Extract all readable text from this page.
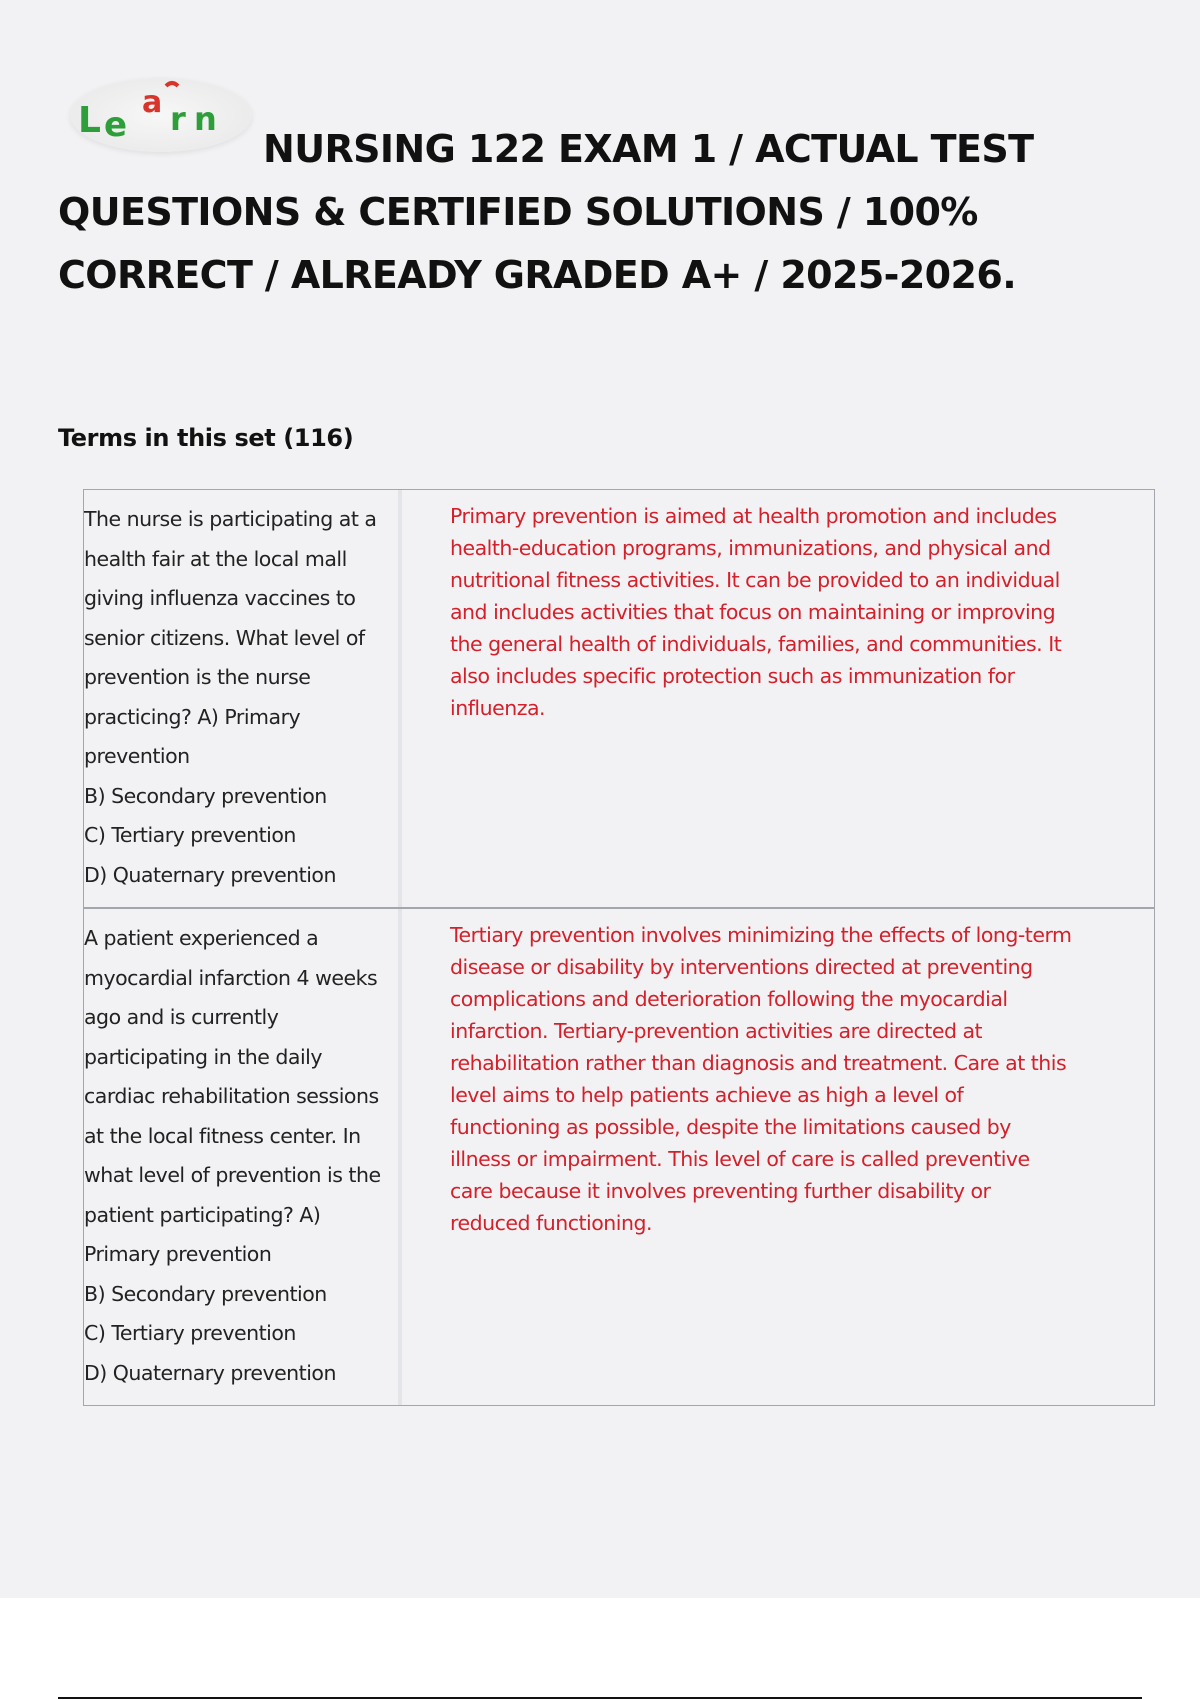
L e
a r n
NURSING 122 EXAM 1 / ACTUAL TEST QUESTIONS & CERTIFIED SOLUTIONS / 100% CORRECT / ALREADY GRADED A+ / 2025-2026.
Terms in this set (116)
The nurse is participating at a health fair at the local mall giving influenza vaccines to senior citizens. What level of prevention is the nurse practicing? A) Primary prevention
B) Secondary prevention
C) Tertiary prevention
D) Quaternary prevention
Primary prevention is aimed at health promotion and includes health-education programs, immunizations, and physical and nutritional fitness activities. It can be provided to an individual and includes activities that focus on maintaining or improving the general health of individuals, families, and communities. It also includes specific protection such as immunization for influenza.
A patient experienced a myocardial infarction 4 weeks ago and is currently participating in the daily cardiac rehabilitation sessions at the local fitness center. In what level of prevention is the patient participating? A) Primary prevention
B) Secondary prevention
C) Tertiary prevention
D) Quaternary prevention
Tertiary prevention involves minimizing the effects of long-term disease or disability by interventions directed at preventing complications and deterioration following the myocardial infarction. Tertiary-prevention activities are directed at rehabilitation rather than diagnosis and treatment. Care at this level aims to help patients achieve as high a level of functioning as possible, despite the limitations caused by illness or impairment. This level of care is called preventive care because it involves preventing further disability or reduced functioning.
